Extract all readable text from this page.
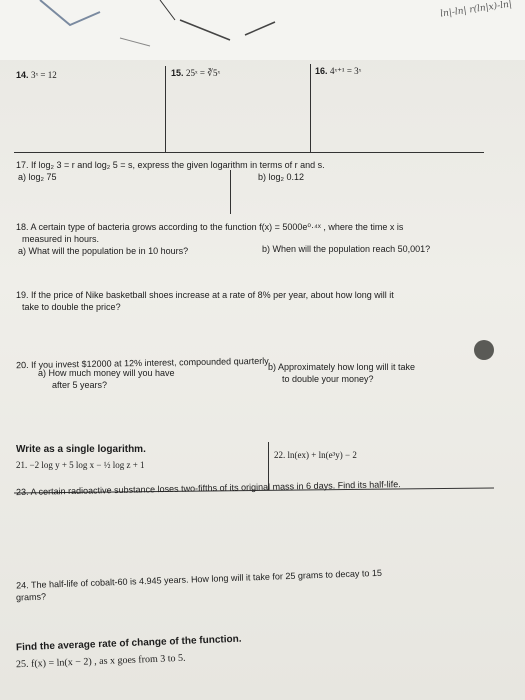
ln|-ln| r(ln|x)-ln|
14. 3ˣ = 12	15. 25ˣ = ∛5ˣ	16. 4ˣ⁺¹ = 3ˣ
17. If log₂ 3 = r and log₂ 5 = s, express the given logarithm in terms of r and s.
a) log₂ 75	b) log₂ 0.12
18. A certain type of bacteria grows according to the function f(x) = 5000e⁰·⁴ˣ , where the time x is
measured in hours.
a) What will the population be in 10 hours?	b) When will the population reach 50,001?
19. If the price of Nike basketball shoes increase at a rate of 8% per year, about how long will it
take to double the price?
20. If you invest $12000 at 12% interest, compounded quarterly,
a) How much money will you have
after 5 years?
b) Approximately how long will it take
to double your money?
Write as a single logarithm.
21. −2 log y + 5 log x − ½ log z + 1
22. ln(ex) + ln(e³y) − 2
23. A certain radioactive substance loses two-fifths of its original mass in 6 days. Find its half-life.
24. The half-life of cobalt-60 is 4.945 years. How long will it take for 25 grams to decay to 15
grams?
Find the average rate of change of the function.
25. f(x) = ln(x − 2) , as x goes from 3 to 5.
